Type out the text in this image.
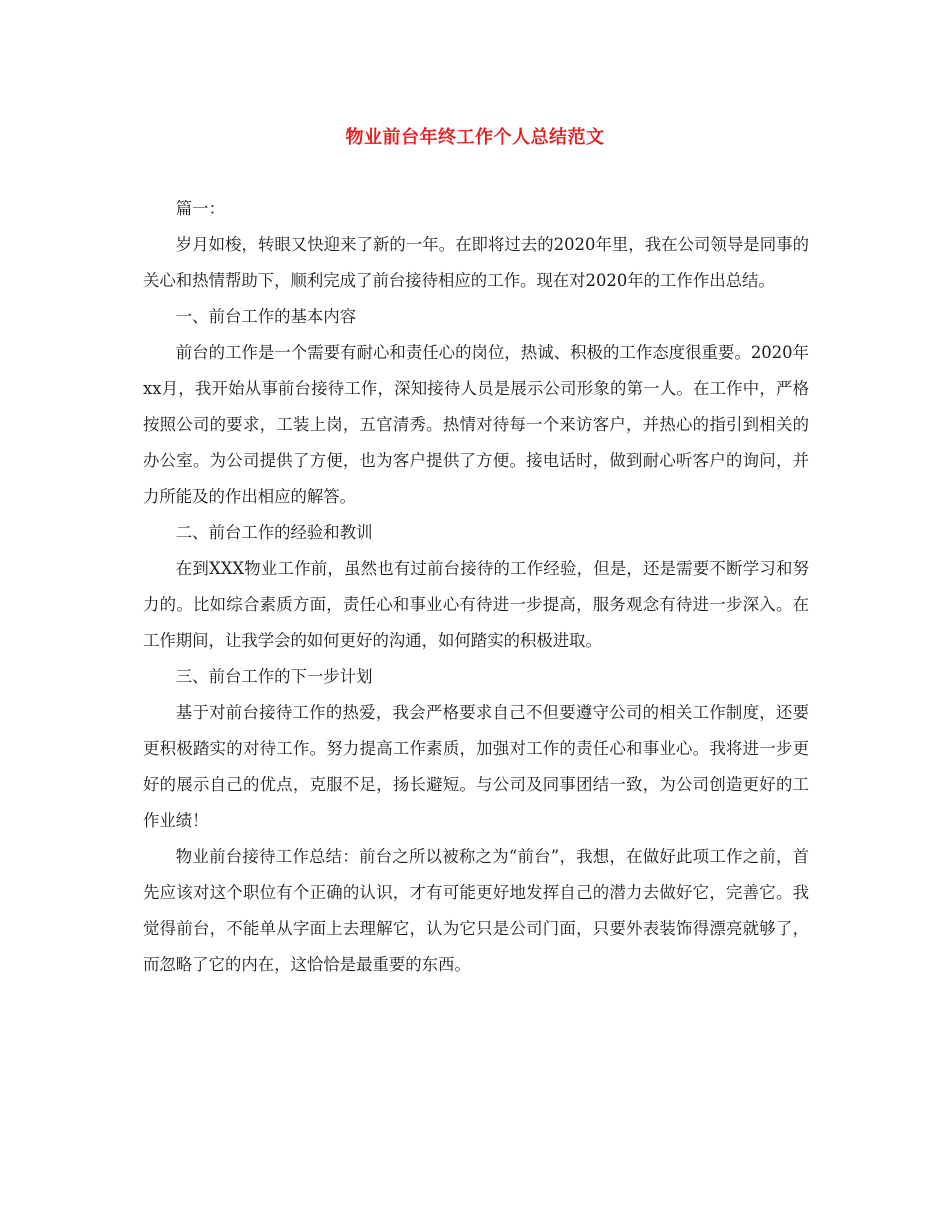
物业前台年终工作个人总结范文

篇一：

岁月如梭，转眼又快迎来了新的一年。在即将过去的2020年里，我在公司领导是同事的关心和热情帮助下，顺利完成了前台接待相应的工作。现在对2020年的工作作出总结。

一、前台工作的基本内容

前台的工作是一个需要有耐心和责任心的岗位，热诚、积极的工作态度很重要。2020年xx月，我开始从事前台接待工作，深知接待人员是展示公司形象的第一人。在工作中，严格按照公司的要求，工装上岗，五官清秀。热情对待每一个来访客户，并热心的指引到相关的办公室。为公司提供了方便，也为客户提供了方便。接电话时，做到耐心听客户的询问，并力所能及的作出相应的解答。

二、前台工作的经验和教训

在到XXX物业工作前，虽然也有过前台接待的工作经验，但是，还是需要不断学习和努力的。比如综合素质方面，责任心和事业心有待进一步提高，服务观念有待进一步深入。在工作期间，让我学会的如何更好的沟通，如何踏实的积极进取。

三、前台工作的下一步计划

基于对前台接待工作的热爱，我会严格要求自己不但要遵守公司的相关工作制度，还要更积极踏实的对待工作。努力提高工作素质，加强对工作的责任心和事业心。我将进一步更好的展示自己的优点，克服不足，扬长避短。与公司及同事团结一致，为公司创造更好的工作业绩！

物业前台接待工作总结：前台之所以被称之为“前台”，我想，在做好此项工作之前，首先应该对这个职位有个正确的认识，才有可能更好地发挥自己的潜力去做好它，完善它。我觉得前台，不能单从字面上去理解它，认为它只是公司门面，只要外表装饰得漂亮就够了，而忽略了它的内在，这恰恰是最重要的东西。
